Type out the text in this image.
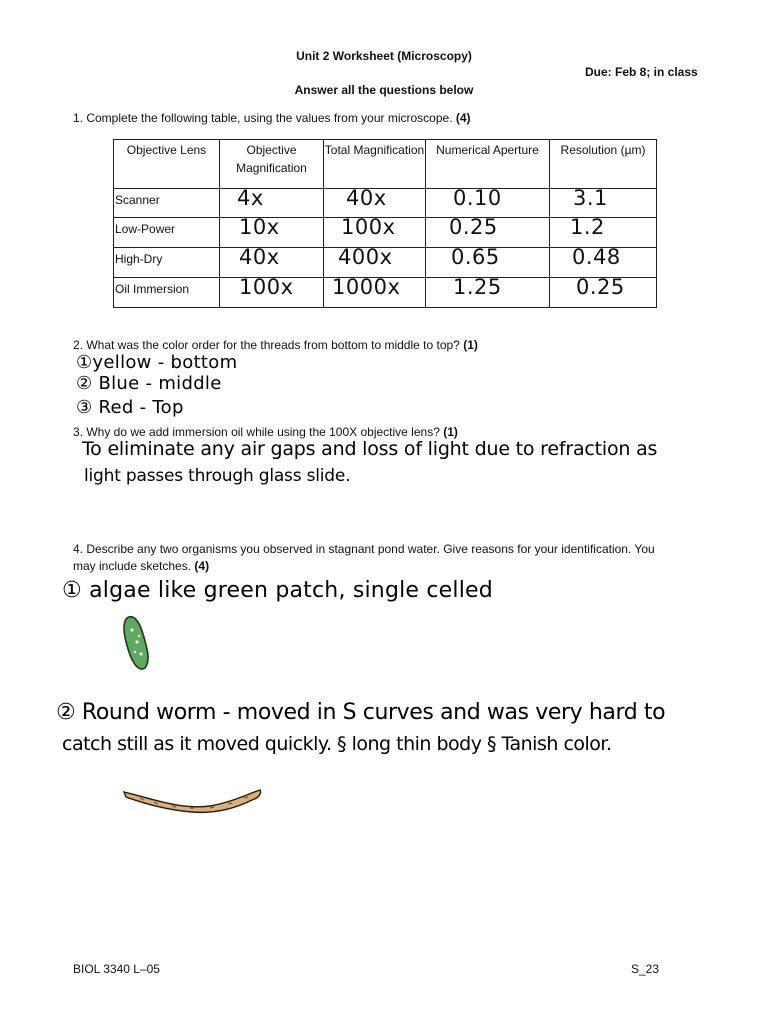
Unit 2 Worksheet (Microscopy)
Due: Feb 8; in class
Answer all the questions below
1. Complete the following table, using the values from your microscope. (4)
Objective Lens	Objective Magnification	Total Magnification	Numerical Aperture	Resolution (µm)
Scanner	4x	40x	0.10	3.1

Low-Power	10x	100x	0.25	1.2

High-Dry	40x	400x	0.65	0.48

Oil Immersion	100x	1000x	1.25	0.25
2. What was the color order for the threads from bottom to middle to top? (1)
①yellow - bottom
② Blue - middle
③ Red - Top
3. Why do we add immersion oil while using the 100X objective lens? (1)
To eliminate any air gaps and loss of light due to refraction as
light passes through glass slide.
4. Describe any two organisms you observed in stagnant pond water. Give reasons for your identification. You
may include sketches. (4)
① algae like green patch, single celled
② Round worm - moved in S curves and was very hard to
catch still as it moved quickly. § long thin body § Tanish color.
BIOL 3340 L–05	S_23
